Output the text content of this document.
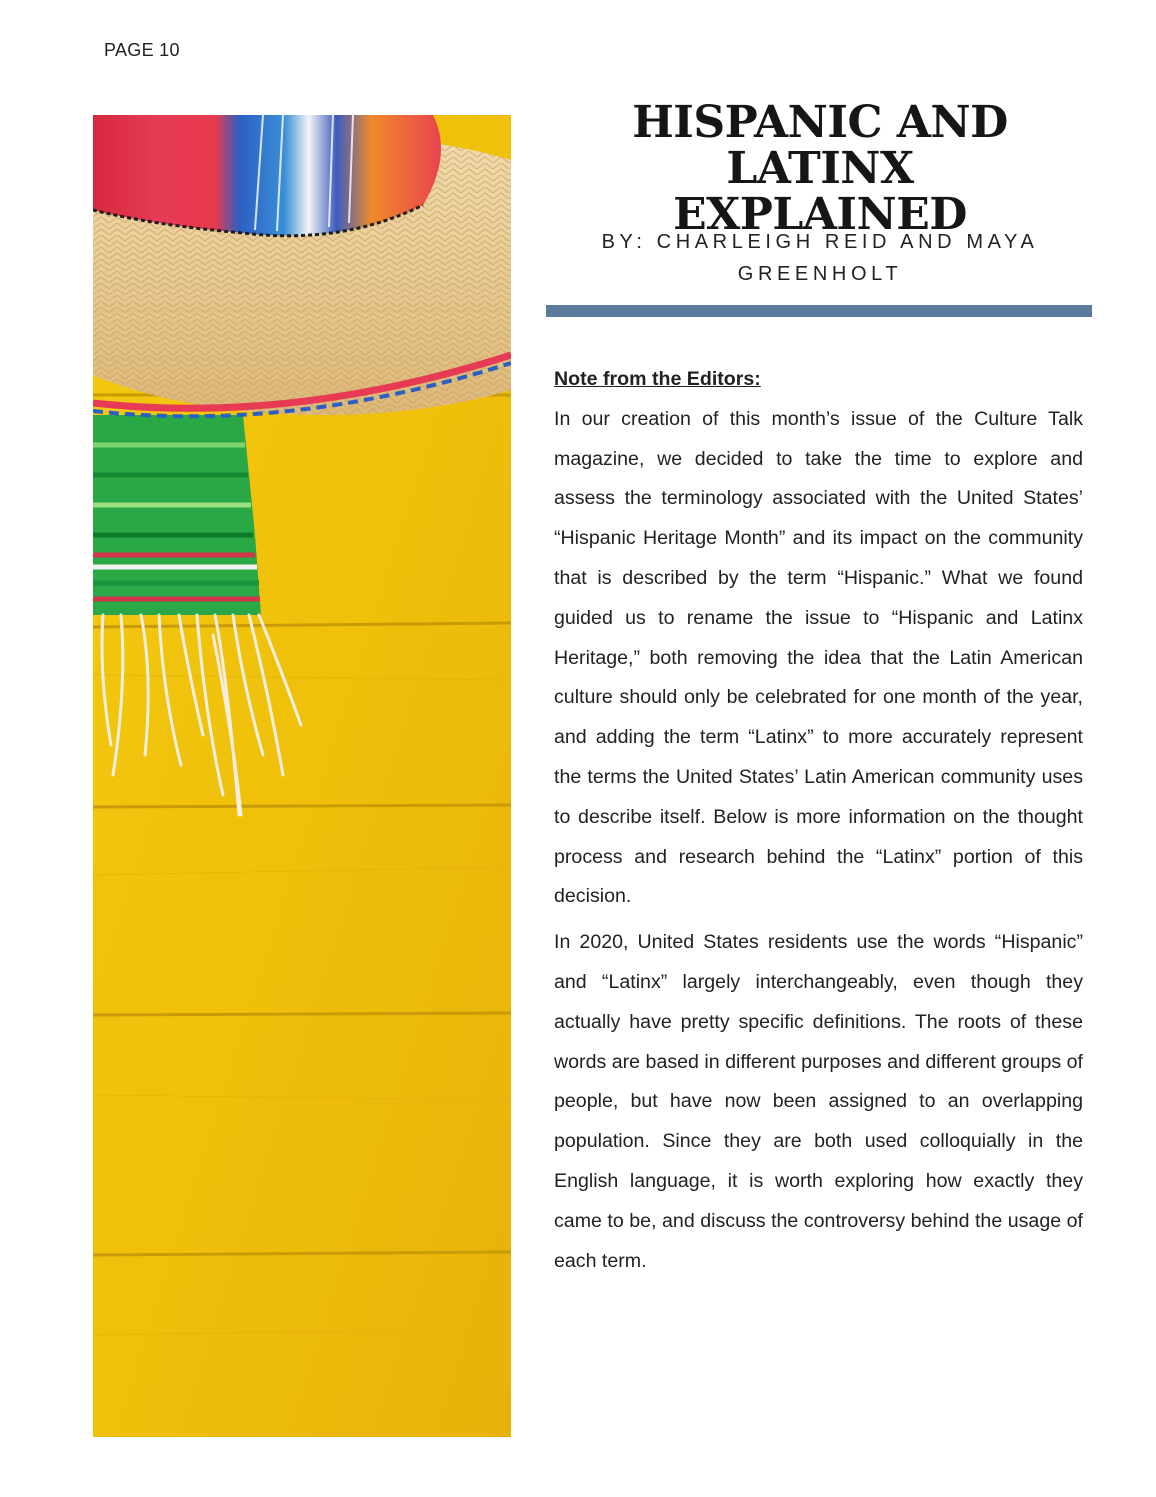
PAGE 10
HISPANIC AND LATINX
EXPLAINED
BY: CHARLEIGH REID AND MAYA
GREENHOLT

Note from the Editors:

In our creation of this month’s issue of the Culture Talk magazine, we decided to take the time to explore and assess the terminology associated with the United States’ “Hispanic Heritage Month” and its impact on the community that is described by the term “Hispanic.” What we found guided us to rename the issue to “Hispanic and Latinx Heritage,” both removing the idea that the Latin American culture should only be celebrated for one month of the year, and adding the term “Latinx” to more accurately represent the terms the United States’ Latin American community uses to describe itself. Below is more information on the thought process and research behind the “Latinx” portion of this decision.

In 2020, United States residents use the words “Hispanic” and “Latinx” largely interchangeably, even though they actually have pretty specific definitions. The roots of these words are based in different purposes and different groups of people, but have now been assigned to an overlapping population. Since they are both used colloquially in the English language, it is worth exploring how exactly they came to be, and discuss the controversy behind the usage of each term.
